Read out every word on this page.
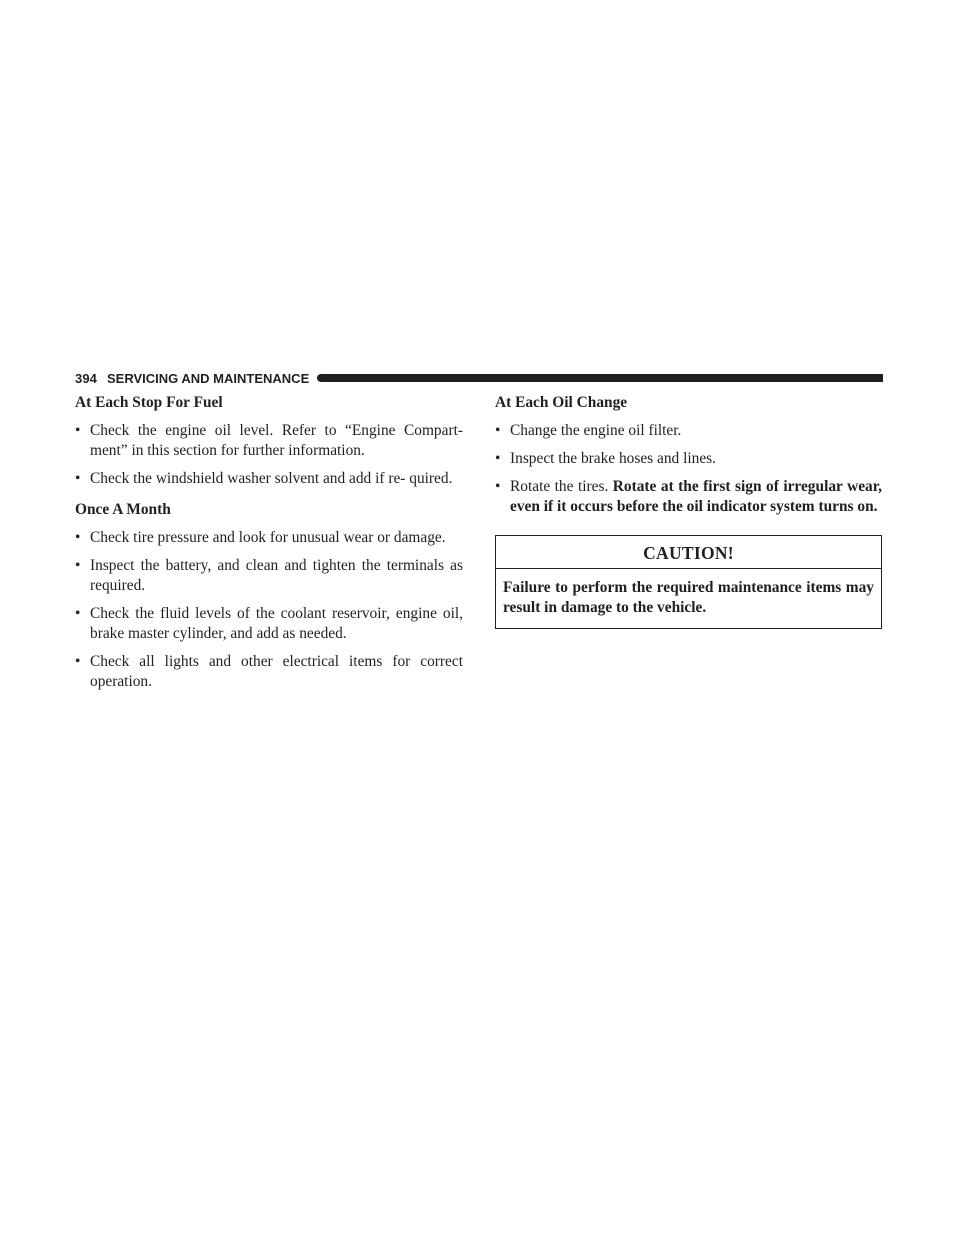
394 SERVICING AND MAINTENANCE
At Each Stop For Fuel
• Check the engine oil level. Refer to “Engine Compart- ment” in this section for further information.
• Check the windshield washer solvent and add if re- quired.
Once A Month
• Check tire pressure and look for unusual wear or damage.
• Inspect the battery, and clean and tighten the terminals as required.
• Check the fluid levels of the coolant reservoir, engine oil, brake master cylinder, and add as needed.
• Check all lights and other electrical items for correct operation.
At Each Oil Change
• Change the engine oil filter.
• Inspect the brake hoses and lines.
• Rotate the tires. Rotate at the first sign of irregular wear, even if it occurs before the oil indicator system turns on.
CAUTION!
Failure to perform the required maintenance items may result in damage to the vehicle.
